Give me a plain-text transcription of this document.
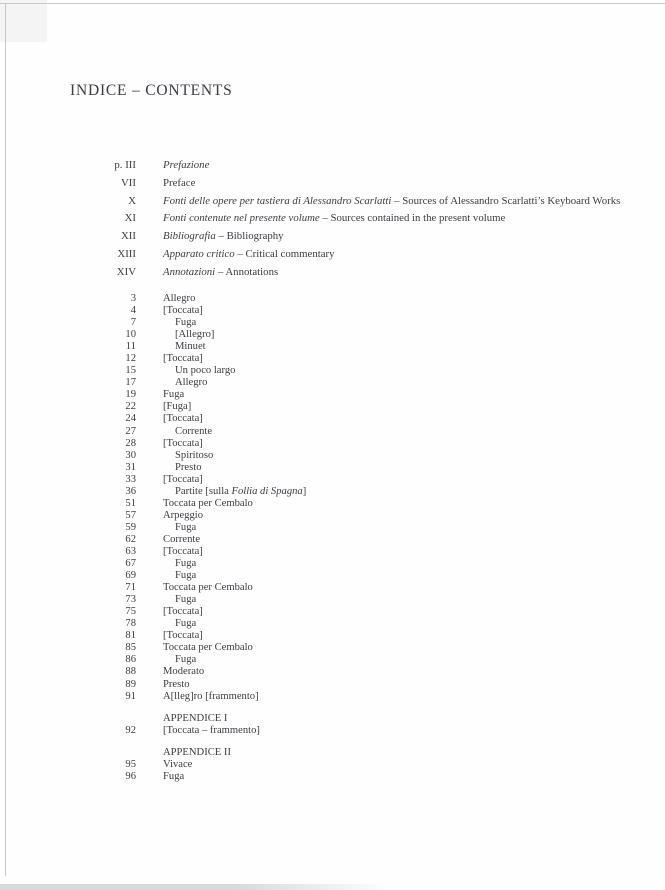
INDICE – CONTENTS
p. III	Prefazione
VII	Preface
X	Fonti delle opere per tastiera di Alessandro Scarlatti – Sources of Alessandro Scarlatti’s Keyboard Works
XI	Fonti contenute nel presente volume – Sources contained in the present volume
XII	Bibliografia – Bibliography
XIII	Apparato critico – Critical commentary
XIV	Annotazioni – Annotations
3	Allegro
4	[Toccata]
7	Fuga
10	[Allegro]
11	Minuet
12	[Toccata]
15	Un poco largo
17	Allegro
19	Fuga
22	[Fuga]
24	[Toccata]
27	Corrente
28	[Toccata]
30	Spiritoso
31	Presto
33	[Toccata]
36	Partite [sulla Follia di Spagna]
51	Toccata per Cembalo
57	Arpeggio
59	Fuga
62	Corrente
63	[Toccata]
67	Fuga
69	Fuga
71	Toccata per Cembalo
73	Fuga
75	[Toccata]
78	Fuga
81	[Toccata]
85	Toccata per Cembalo
86	Fuga
88	Moderato
89	Presto
91	A[lleg]ro [frammento]
APPENDICE I
92	[Toccata – frammento]
APPENDICE II
95	Vivace
96	Fuga
